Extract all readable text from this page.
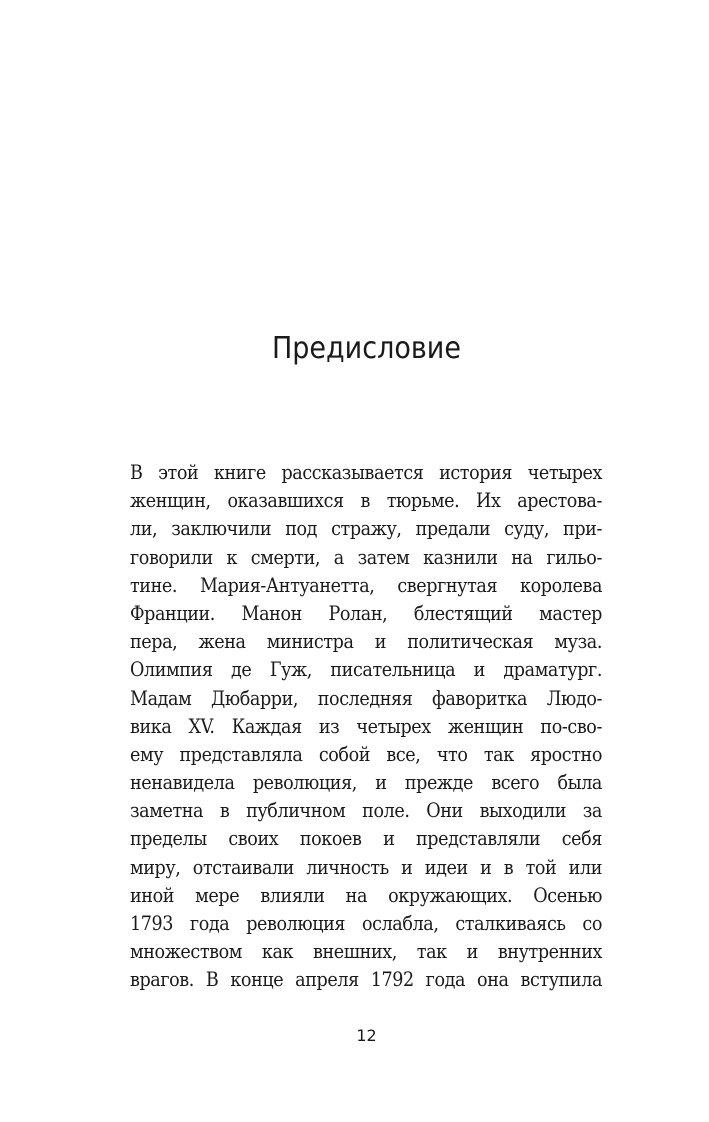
Предисловие
В этой книге рассказывается история четырех
женщин, оказавшихся в тюрьме. Их арестова-
ли, заключили под стражу, предали суду, при-
говорили к смерти, а затем казнили на гильо-
тине. Мария-Антуанетта, свергнутая королева
Франции. Манон Ролан, блестящий мастер
пера, жена министра и политическая муза.
Олимпия де Гуж, писательница и драматург.
Мадам Дюбарри, последняя фаворитка Людо-
вика XV. Каждая из четырех женщин по-сво-
ему представляла собой все, что так яростно
ненавидела революция, и прежде всего была
заметна в публичном поле. Они выходили за
пределы своих покоев и представляли себя
миру, отстаивали личность и идеи и в той или
иной мере влияли на окружающих. Осенью
1793 года революция ослабла, сталкиваясь со
множеством как внешних, так и внутренних
врагов. В конце апреля 1792 года она вступила
12
